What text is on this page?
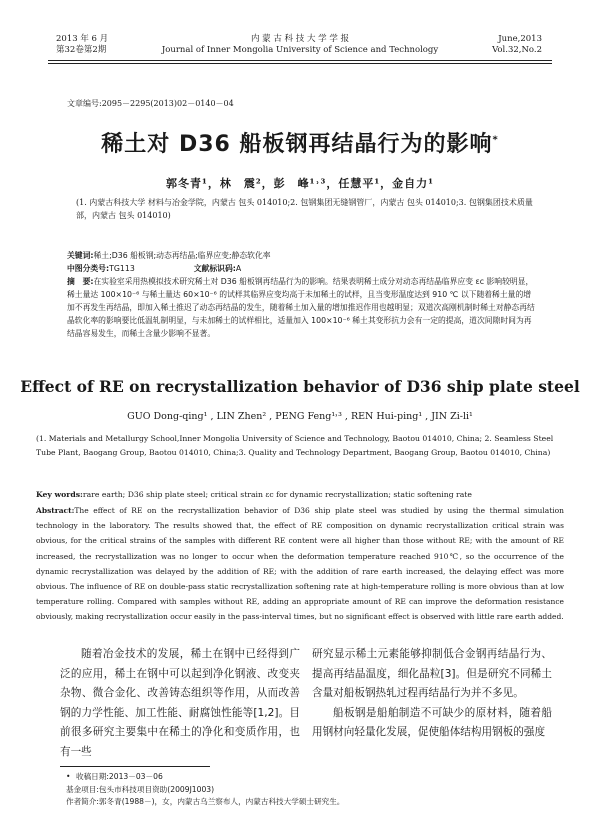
2013 年 6 月
第32卷第2期
内 蒙 古 科 技 大 学 学 报
Journal of Inner Mongolia University of Science and Technology
June,2013
Vol.32,No.2
文章编号:2095－2295(2013)02－0140－04
稀土对 D36 船板钢再结晶行为的影响*
郭冬青¹，林　震²，彭　峰¹˒³，任慧平¹，金自力¹
(1. 内蒙古科技大学 材料与冶金学院，内蒙古 包头 014010;2. 包钢集团无缝钢管厂，内蒙古 包头 014010;3. 包钢集团技术质量部，内蒙古 包头 014010)
关键词:稀土;D36 船板钢;动态再结晶;临界应变;静态软化率
中图分类号:TG113	文献标识码:A
摘　要:在实验室采用热模拟技术研究稀土对 D36 船板钢再结晶行为的影响。结果表明稀土成分对动态再结晶临界应变 εc 影响较明显，稀土量达 100×10⁻⁶ 与稀土量达 60×10⁻⁶ 的试样其临界应变均高于未加稀土的试样，且当变形温度达到 910 ℃ 以下随着稀土量的增加不再发生再结晶，即加入稀土推迟了动态再结晶的发生，随着稀土加入量的增加推迟作用也越明显；双道次高刚机制时稀土对静态再结晶软化率的影响要比低温轧制明显，与未加稀土的试样相比，适量加入 100×10⁻⁶ 稀土其变形抗力会有一定的提高，道次间隙时间为再结晶容易发生，而稀土含量少影响不显著。
Effect of RE on recrystallization behavior of D36 ship plate steel
GUO Dong-qing¹ , LIN Zhen² , PENG Feng¹˒³ , REN Hui-ping¹ , JIN Zi-li¹
(1. Materials and Metallurgy School,Inner Mongolia University of Science and Technology, Baotou 014010, China; 2. Seamless Steel Tube Plant, Baogang Group, Baotou 014010, China;3. Quality and Technology Department, Baogang Group, Baotou 014010, China)
Key words:rare earth; D36 ship plate steel; critical strain εc for dynamic recrystallization; static softening rate
Abstract:The effect of RE on the recrystallization behavior of D36 ship plate steel was studied by using the thermal simulation technology in the laboratory. The results showed that, the effect of RE composition on dynamic recrystallization critical strain was obvious, for the critical strains of the samples with different RE content were all higher than those without RE; with the amount of RE increased, the recrystallization was no longer to occur when the deformation temperature reached 910℃, so the occurrence of the dynamic recrystallization was delayed by the addition of RE; with the addition of rare earth increased, the delaying effect was more obvious. The influence of RE on double-pass static recrystallization softening rate at high-temperature rolling is more obvious than at low temperature rolling. Compared with samples without RE, adding an appropriate amount of RE can improve the deformation resistance obviously, making recrystallization occur easily in the pass-interval times, but no significant effect is observed with little rare earth added.
随着冶金技术的发展，稀土在钢中已经得到广泛的应用，稀土在钢中可以起到净化钢液、改变夹杂物、微合金化、改善铸态组织等作用，从而改善钢的力学性能、加工性能、耐腐蚀性能等[1,2]。目前很多研究主要集中在稀土的净化和变质作用，也有一些
研究显示稀土元素能够抑制低合金钢再结晶行为、提高再结晶温度，细化晶粒[3]。但是研究不同稀土含量对船板钢热轧过程再结晶行为并不多见。
船板钢是船舶制造不可缺少的原材料，随着船用钢材向轻量化发展，促使船体结构用钢板的强度
• 收稿日期:2013－03－06
基金项目:包头市科技项目资助(2009J1003)
作者简介:郭冬青(1988－)，女，内蒙古乌兰察布人，内蒙古科技大学硕士研究生。
